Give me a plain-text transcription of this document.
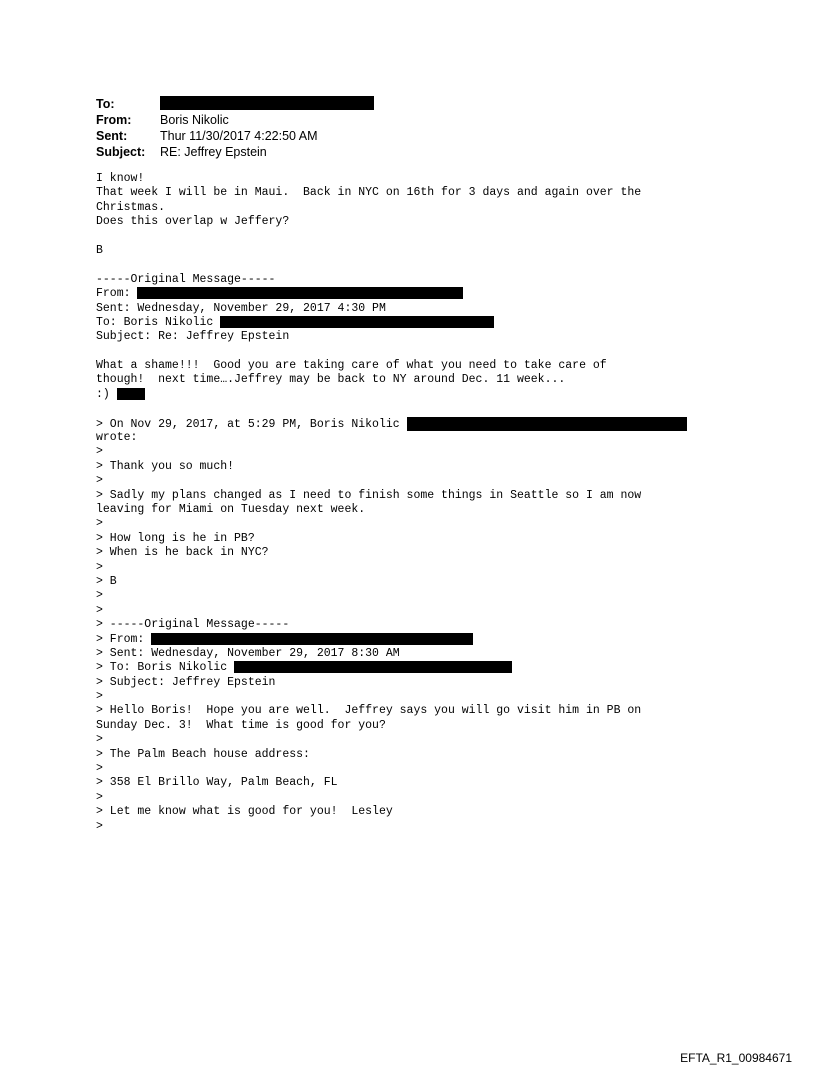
To:
From:	Boris Nikolic
Sent:	Thur 11/30/2017 4:22:50 AM
Subject:	RE: Jeffrey Epstein
I know!
That week I will be in Maui.  Back in NYC on 16th for 3 days and again over the
Christmas.
Does this overlap w Jeffery?
B
-----Original Message-----
From:
Sent: Wednesday, November 29, 2017 4:30 PM
To: Boris Nikolic
Subject: Re: Jeffrey Epstein
What a shame!!!  Good you are taking care of what you need to take care of
though!  next time….Jeffrey may be back to NY around Dec. 11 week...
:)
> On Nov 29, 2017, at 5:29 PM, Boris Nikolic
wrote:
>
> Thank you so much!
>
> Sadly my plans changed as I need to finish some things in Seattle so I am now
leaving for Miami on Tuesday next week.
>
> How long is he in PB?
> When is he back in NYC?
>
> B
>
>
> -----Original Message-----
> From:
> Sent: Wednesday, November 29, 2017 8:30 AM
> To: Boris Nikolic
> Subject: Jeffrey Epstein
>
> Hello Boris!  Hope you are well.  Jeffrey says you will go visit him in PB on
Sunday Dec. 3!  What time is good for you?
>
> The Palm Beach house address:
>
> 358 El Brillo Way, Palm Beach, FL
>
> Let me know what is good for you!  Lesley
>
EFTA_R1_00984671
